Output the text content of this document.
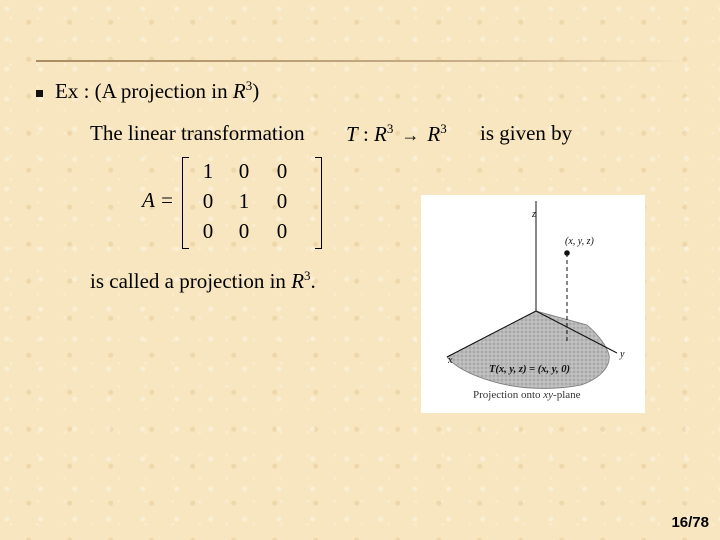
Ex : (A projection in $R^3$)
The linear transformation T : $R^3 \to R^3$ is given by
A =
1	0	0
0	1	0
0	0	0
is called a projection in $R^3$.
z
x
y
(x, y, z)
T(x, y, z) = (x, y, 0)
Projection onto xy-plane
16/78
